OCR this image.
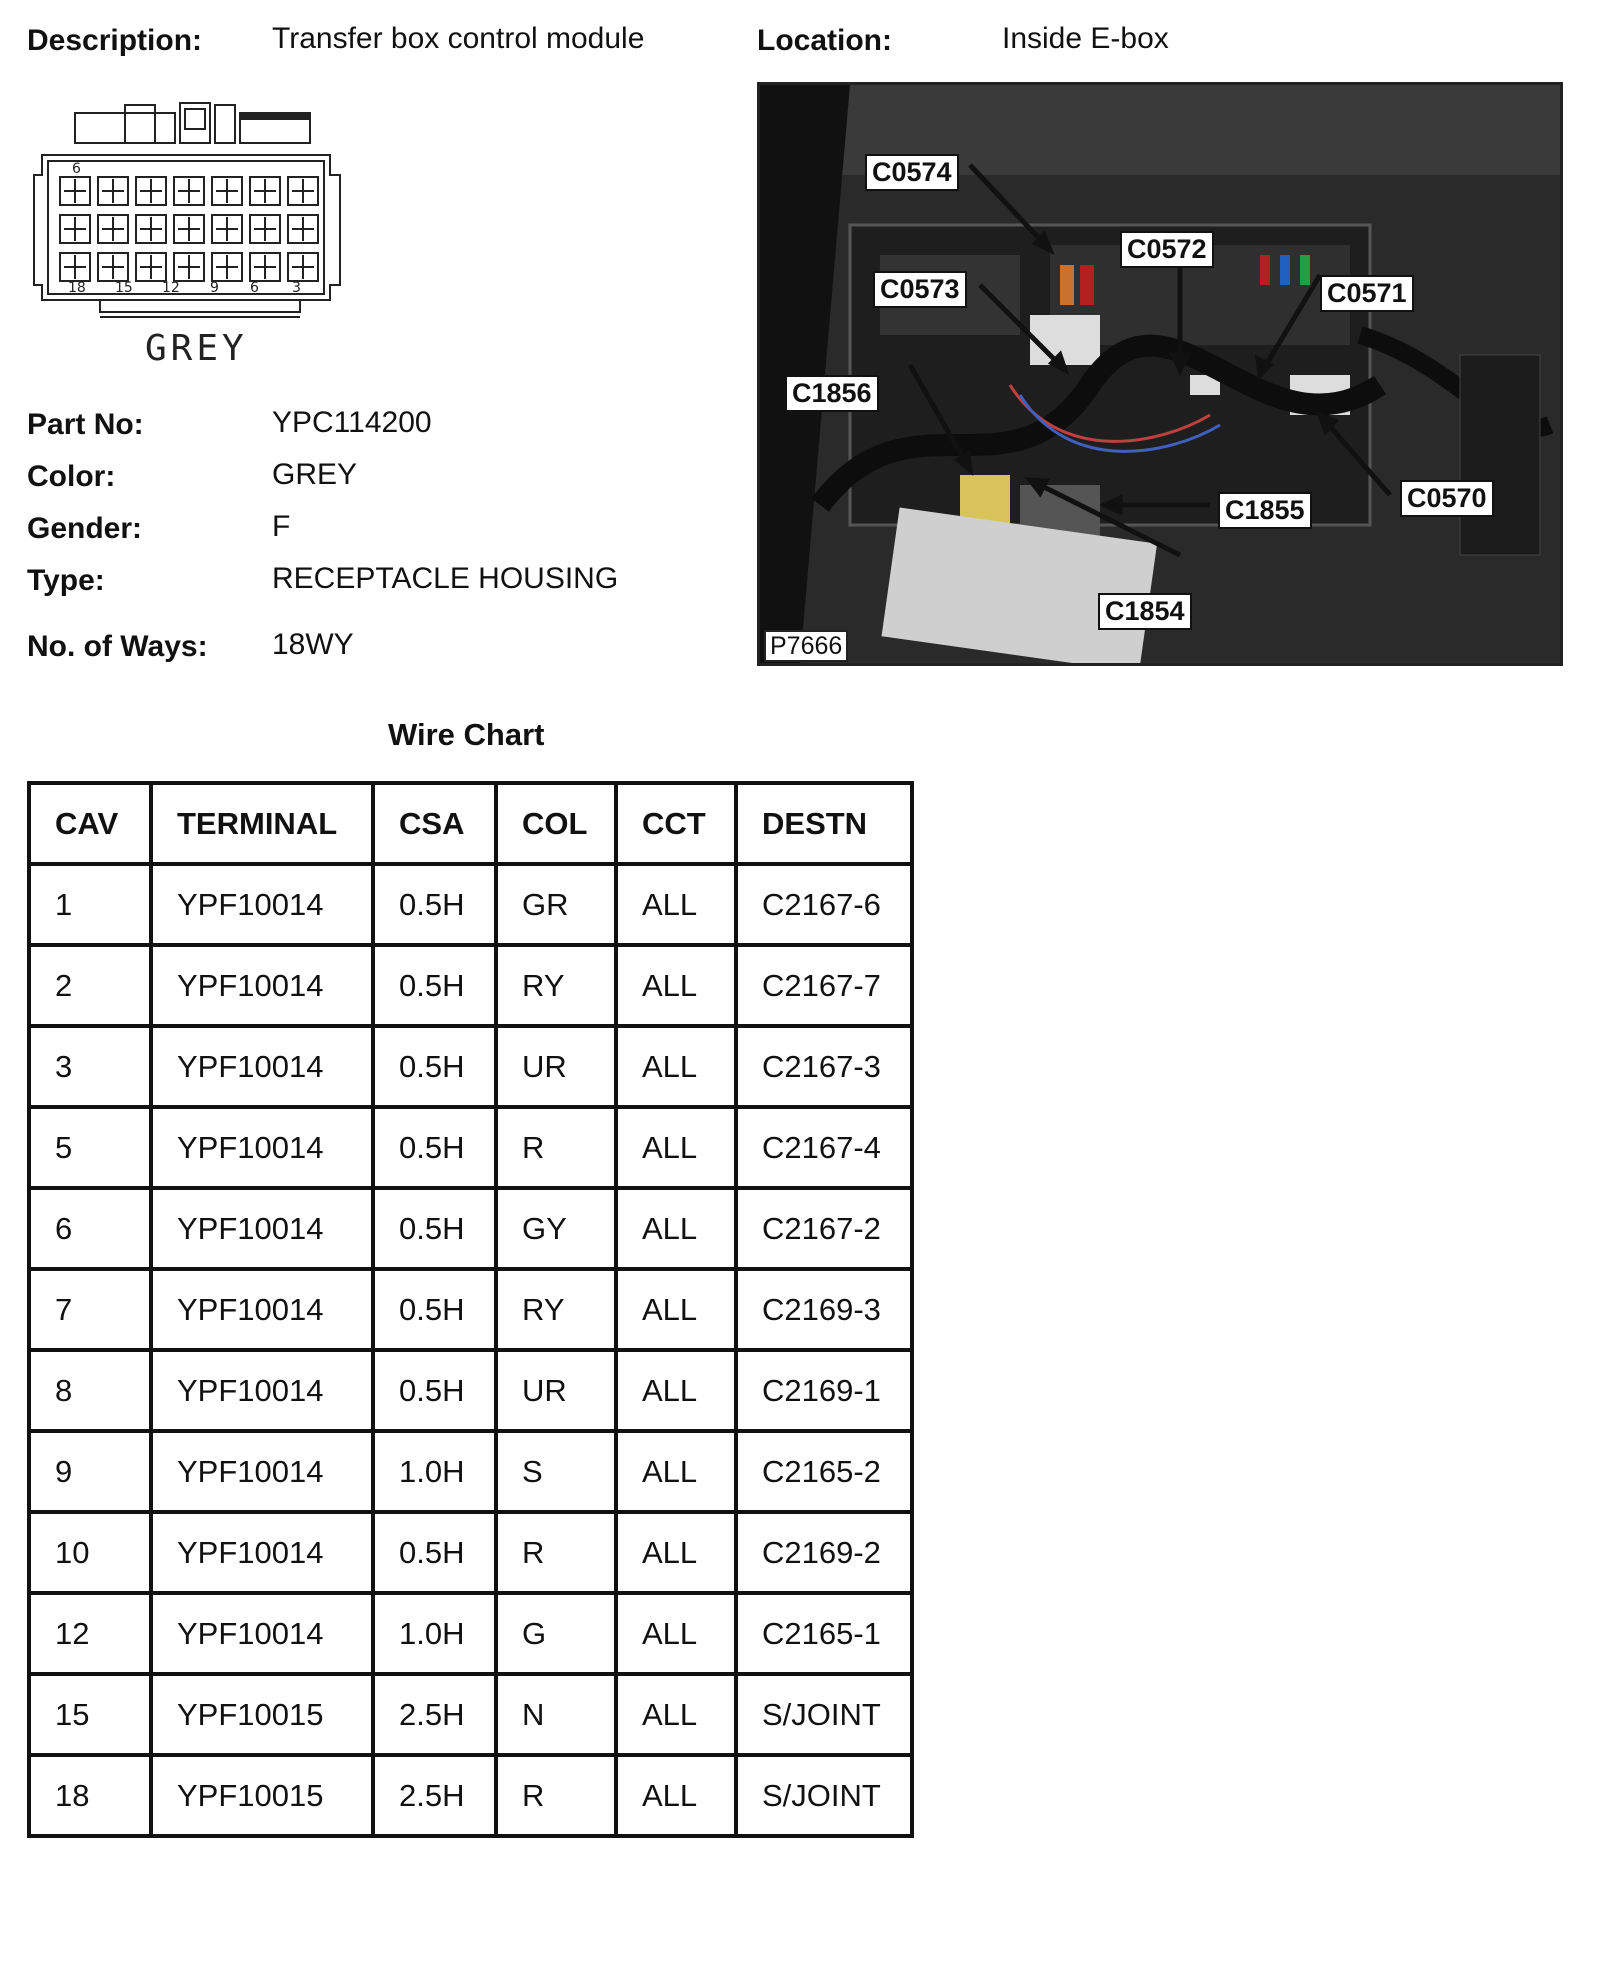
Description: Transfer box control module	Location:	Inside E-box
6
18 15 12 9 6 3
GREY
Part No:	YPC114200
Color:	GREY
Gender:	F
Type:	RECEPTACLE HOUSING
No. of Ways: 18WY
C0574
C0572
C0573	C0571
C1856
C1855	C0570
C1854
P7666
Wire Chart
CAV	TERMINAL	CSA	COL	CCT	DESTN
1	YPF10014	0.5H	GR	ALL	C2167-6
2	YPF10014	0.5H	RY	ALL	C2167-7
3	YPF10014	0.5H	UR	ALL	C2167-3
5	YPF10014	0.5H	R	ALL	C2167-4
6	YPF10014	0.5H	GY	ALL	C2167-2
7	YPF10014	0.5H	RY	ALL	C2169-3
8	YPF10014	0.5H	UR	ALL	C2169-1
9	YPF10014	1.0H	S	ALL	C2165-2
10	YPF10014	0.5H	R	ALL	C2169-2
12	YPF10014	1.0H	G	ALL	C2165-1
15	YPF10015	2.5H	N	ALL	S/JOINT
18	YPF10015	2.5H	R	ALL	S/JOINT
